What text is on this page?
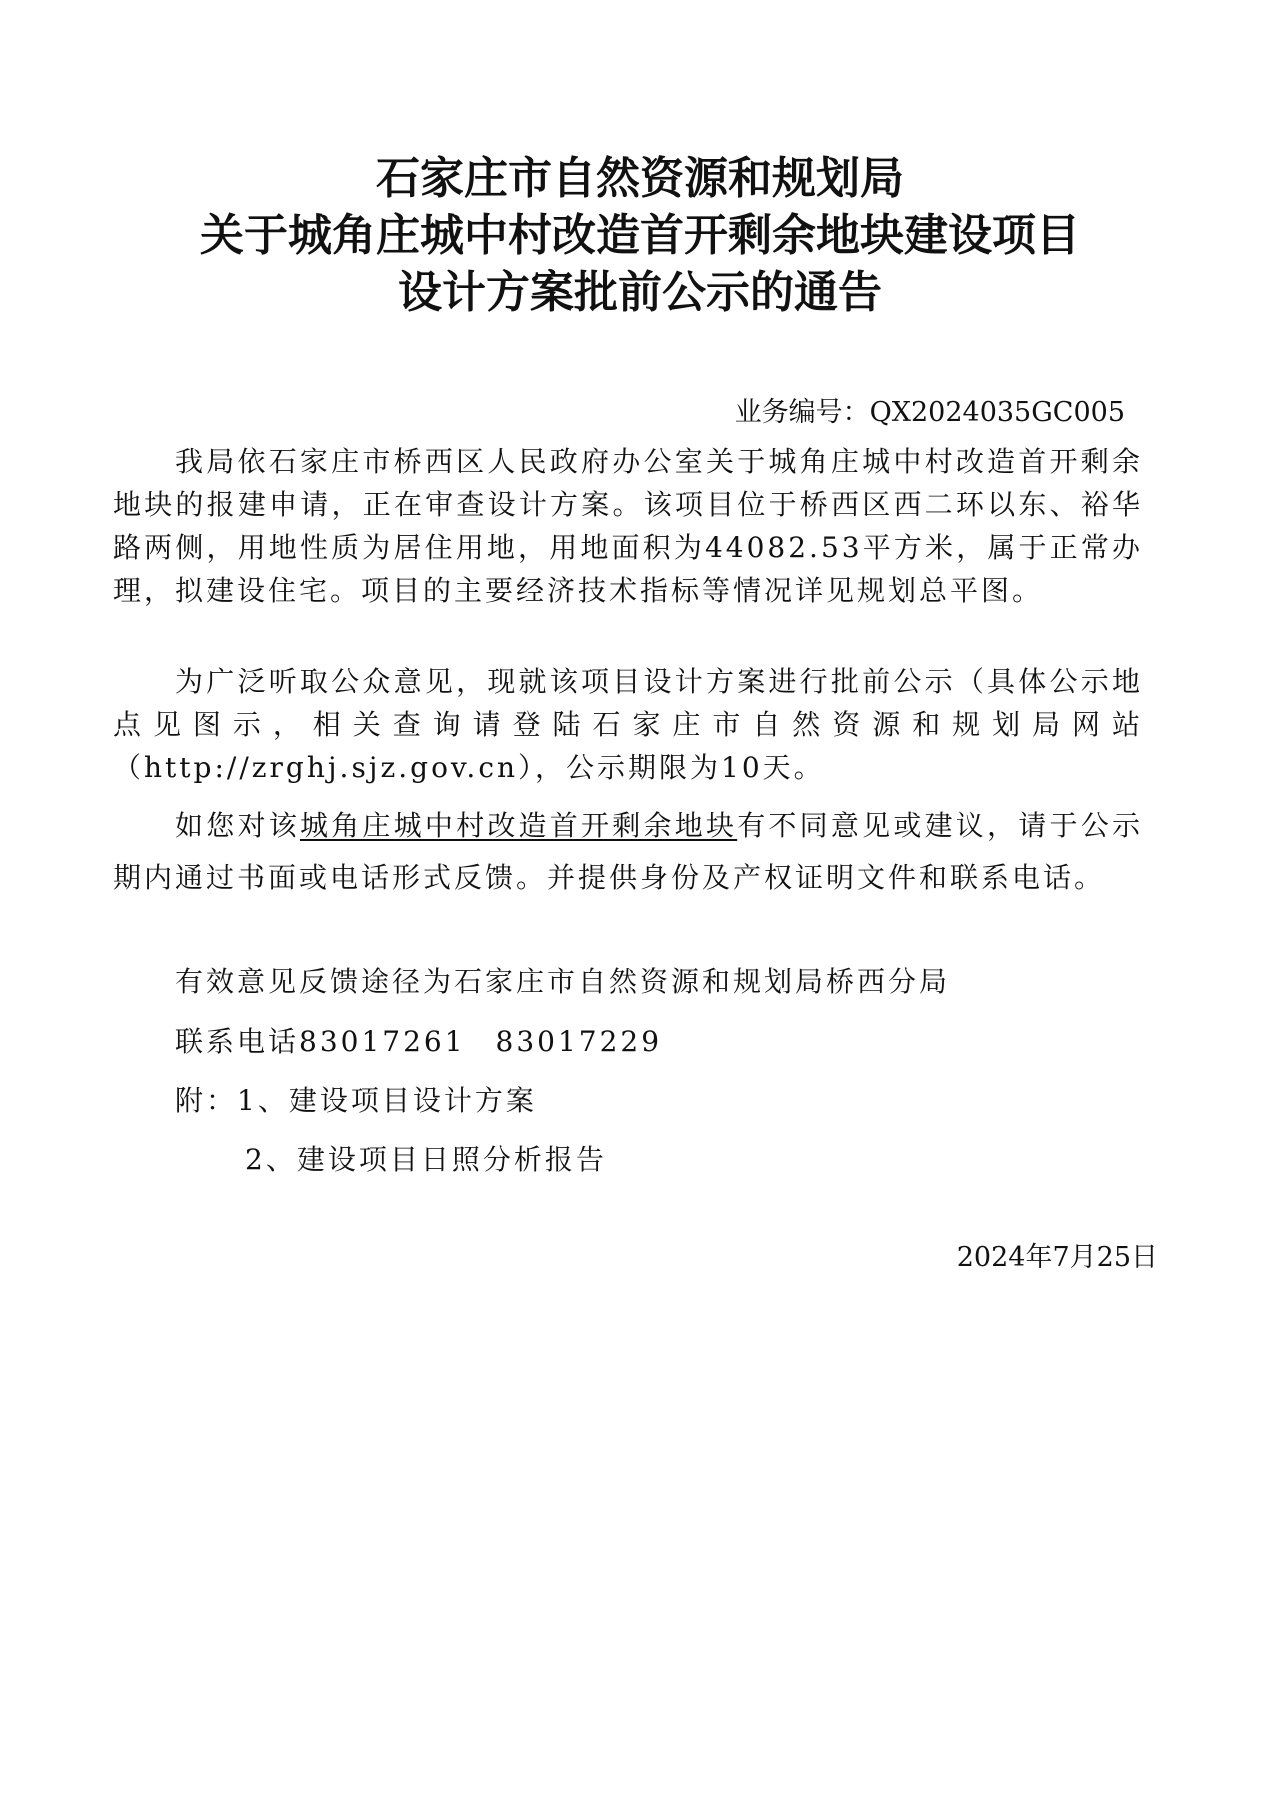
石家庄市自然资源和规划局
关于城角庄城中村改造首开剩余地块建设项目
设计方案批前公示的通告
业务编号：QX2024035GC005
我局依石家庄市桥西区人民政府办公室关于城角庄城中村改造首开剩余地块的报建申请，正在审查设计方案。该项目位于桥西区西二环以东、裕华路两侧，用地性质为居住用地，用地面积为44082.53平方米，属于正常办理，拟建设住宅。项目的主要经济技术指标等情况详见规划总平图。
为广泛听取公众意见，现就该项目设计方案进行批前公示（具体公示地点见图示，相关查询请登陆石家庄市自然资源和规划局网站（http://zrghj.sjz.gov.cn），公示期限为10天。
如您对该城角庄城中村改造首开剩余地块有不同意见或建议，请于公示期内通过书面或电话形式反馈。并提供身份及产权证明文件和联系电话。
有效意见反馈途径为石家庄市自然资源和规划局桥西分局
联系电话83017261 83017229
附：1、建设项目设计方案
2、建设项目日照分析报告
2024年7月25日
